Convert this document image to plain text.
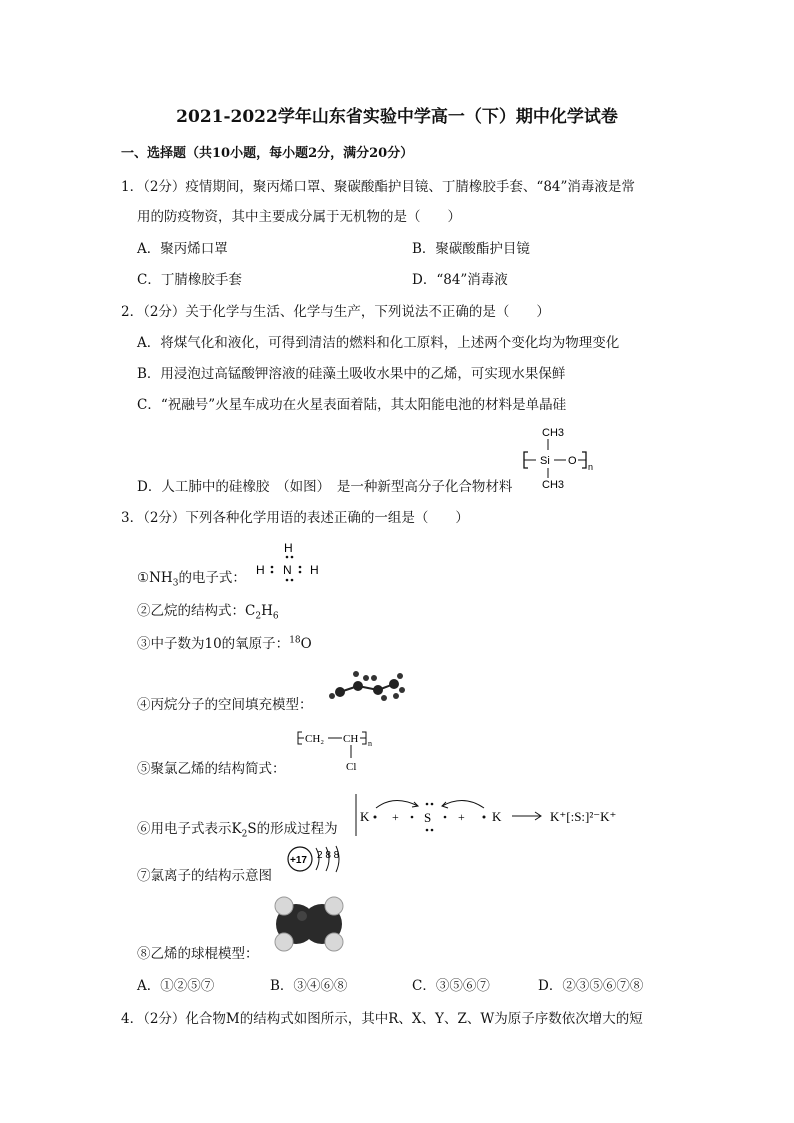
2021-2022学年山东省实验中学高一（下）期中化学试卷
一、选择题（共10小题，每小题2分，满分20分）
1．（2分）疫情期间，聚丙烯口罩、聚碳酸酯护目镜、丁腈橡胶手套、“84”消毒液是常
用的防疫物资，其中主要成分属于无机物的是（　　）
A．聚丙烯口罩	B．聚碳酸酯护目镜
C．丁腈橡胶手套	D．“84”消毒液
2．（2分）关于化学与生活、化学与生产，下列说法不正确的是（　　）
A．将煤气化和液化，可得到清洁的燃料和化工原料，上述两个变化均为物理变化
B．用浸泡过高锰酸钾溶液的硅藻土吸收水果中的乙烯，可实现水果保鲜
C．“祝融号”火星车成功在火星表面着陆，其太阳能电池的材料是单晶硅
CH3
Si O n
CH3
D．人工肺中的硅橡胶　（如图）　是一种新型高分子化合物材料
3．（2分）下列各种化学用语的表述正确的一组是（　　）
H
H N H
$①NH_3$的电子式：
②乙烷的结构式：$C_2H_6$
③中子数为10的氧原子：$^{18}$O
④丙烷分子的空间填充模型：
CH₂ CH n
Cl
⑤聚氯乙烯的结构简式：
K + S + K	K⁺[:S:]²⁻K⁺
⑥用电子式表示$K_2S$的形成过程为
+17 2 8 8
⑦氯离子的结构示意图
⑧乙烯的球棍模型：
A．①②⑤⑦	B．③④⑥⑧	C．③⑤⑥⑦	D．②③⑤⑥⑦⑧
4．（2分）化合物M的结构式如图所示，其中R、X、Y、Z、W为原子序数依次增大的短
